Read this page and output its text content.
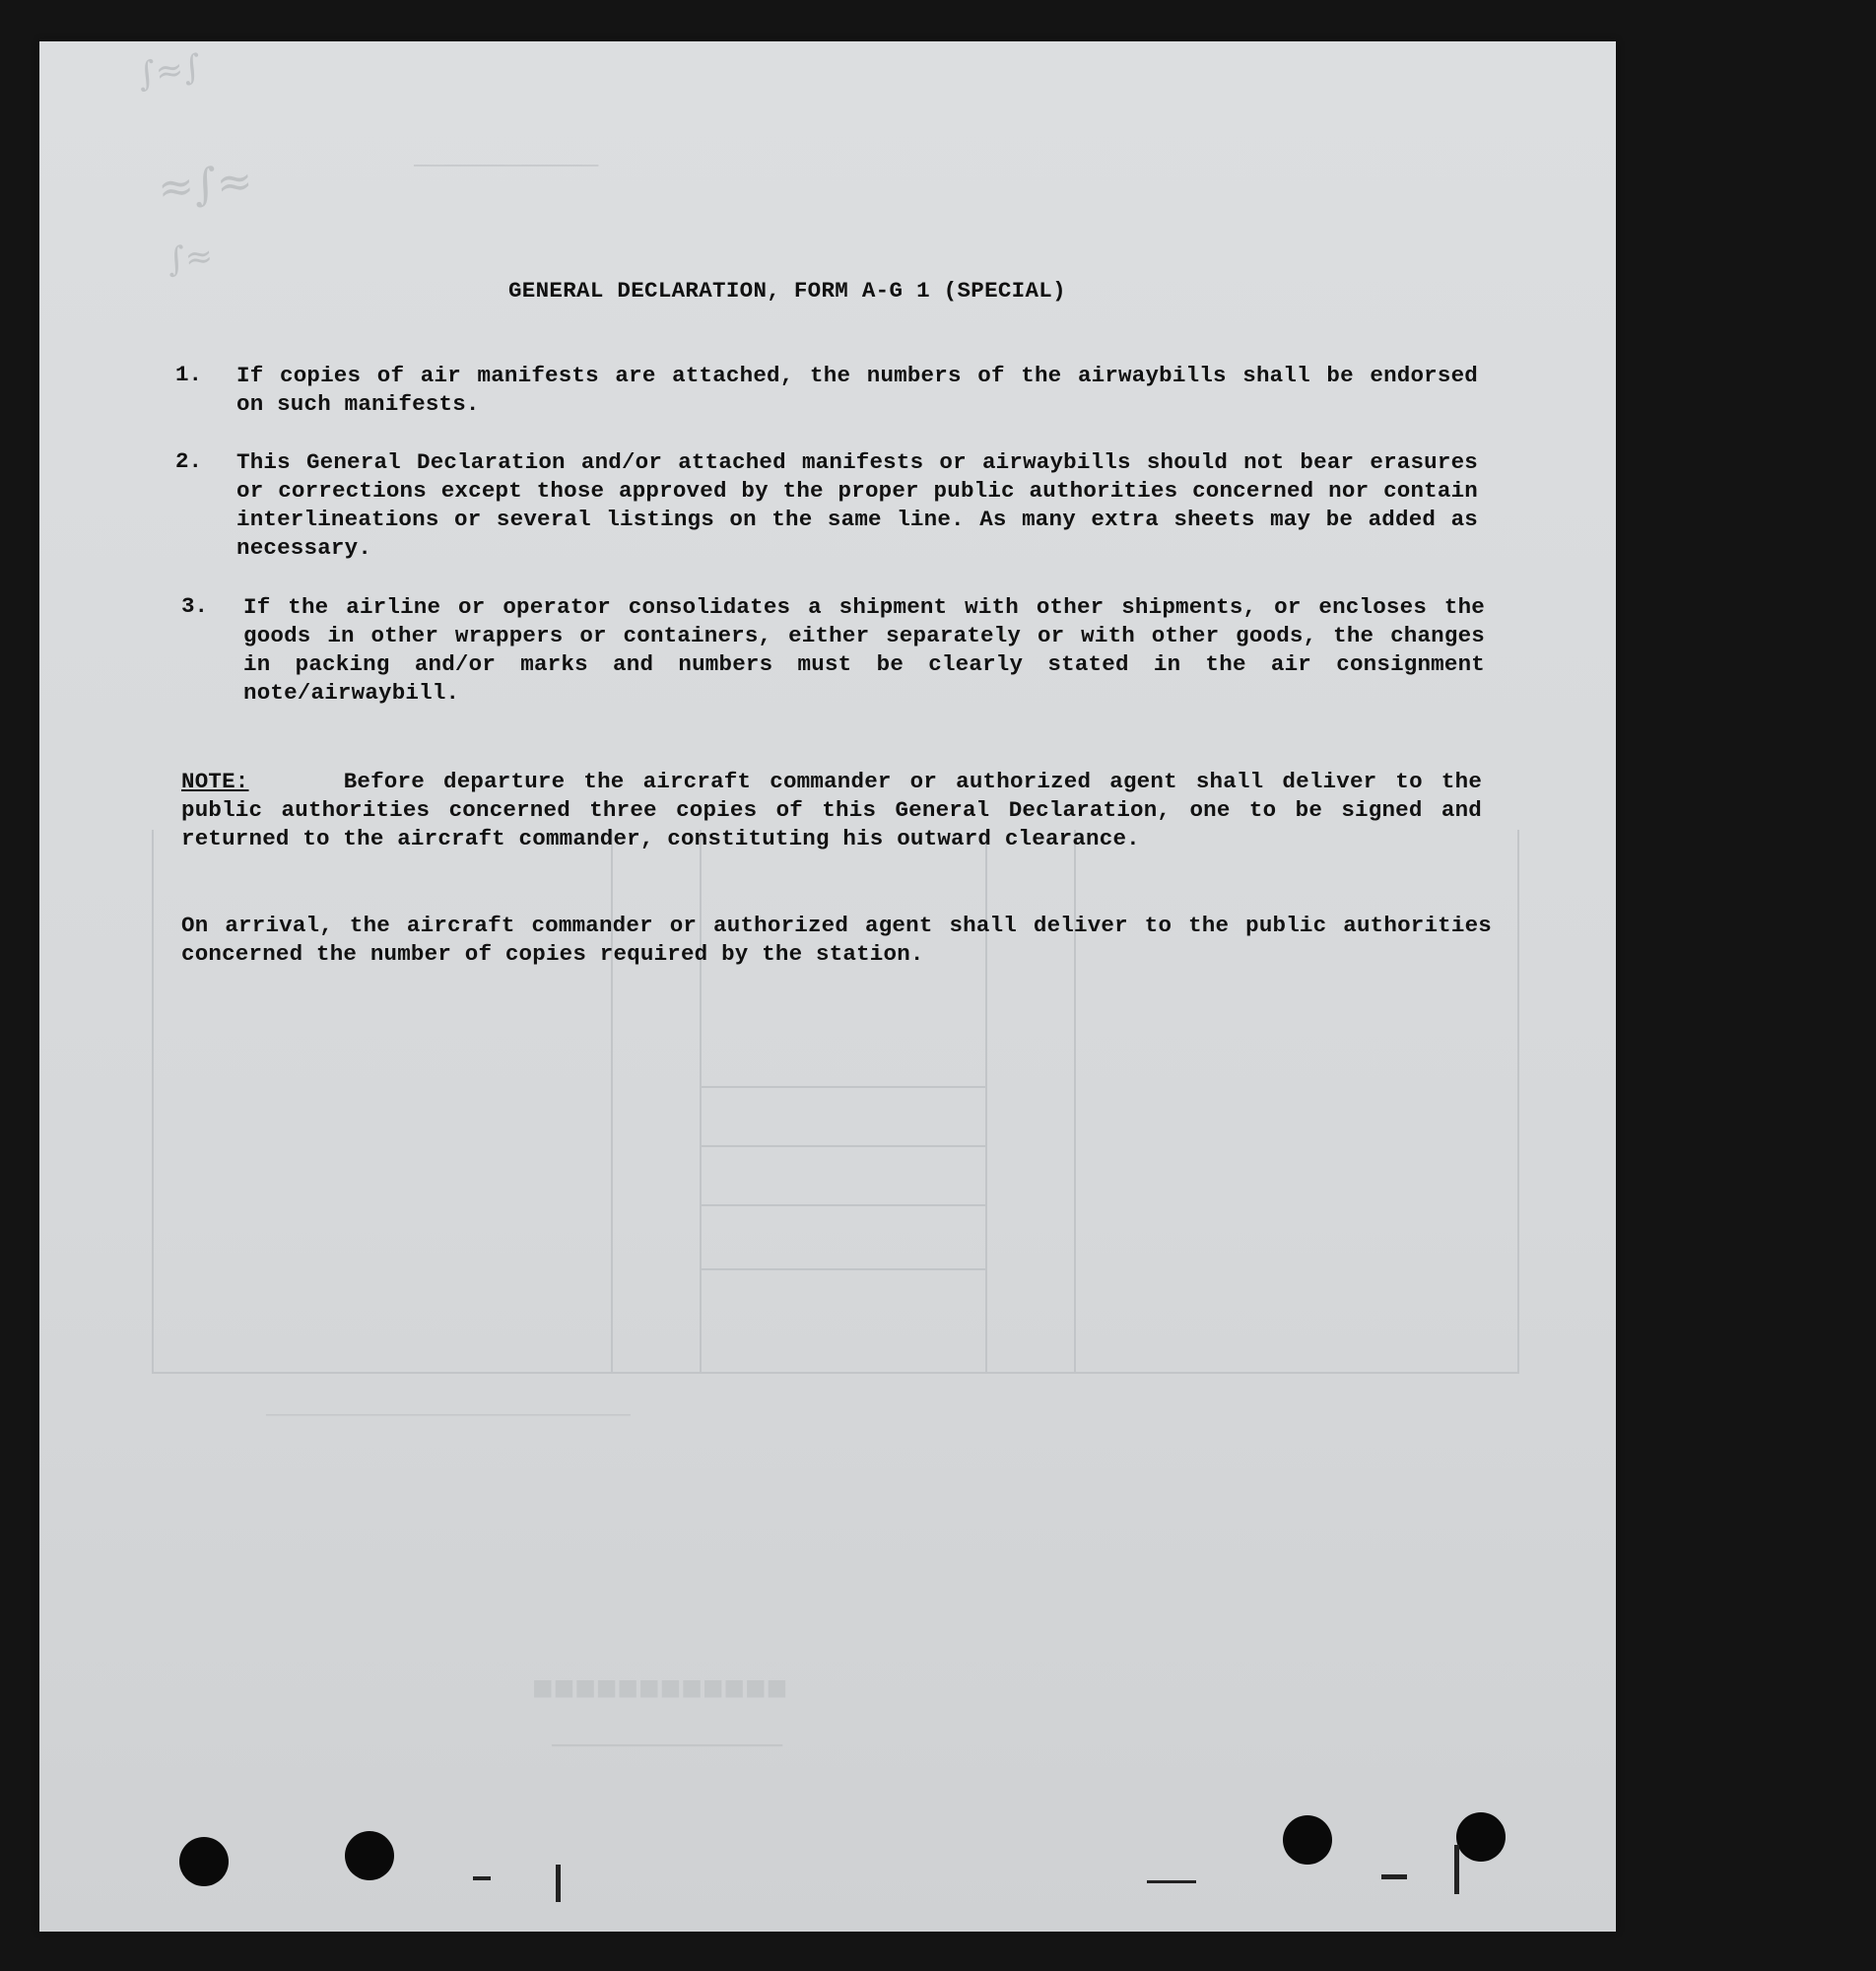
────────────
■■■■■■■■■■■■
─────────────
────────────────────────────
∫≈∫
≈∫≈
∫≈
GENERAL DECLARATION, FORM A-G 1 (SPECIAL)
1. If copies of air manifests are attached, the numbers of the airwaybills shall be endorsed on such manifests.
2. This General Declaration and/or attached manifests or airwaybills should not bear erasures or corrections except those approved by the proper public authorities concerned nor contain interlineations or several listings on the same line. As many extra sheets may be added as necessary.
3. If the airline or operator consolidates a shipment with other shipments, or encloses the goods in other wrappers or containers, either separately or with other goods, the changes in packing and/or marks and numbers must be clearly stated in the air consignment note/airwaybill.
NOTE:	Before departure the aircraft commander or authorized agent shall deliver to the public authorities concerned three copies of this General Declaration, one to be signed and returned to the aircraft commander, constituting his outward clearance.
On arrival, the aircraft commander or authorized agent shall deliver to the public authorities concerned the number of copies required by the station.
